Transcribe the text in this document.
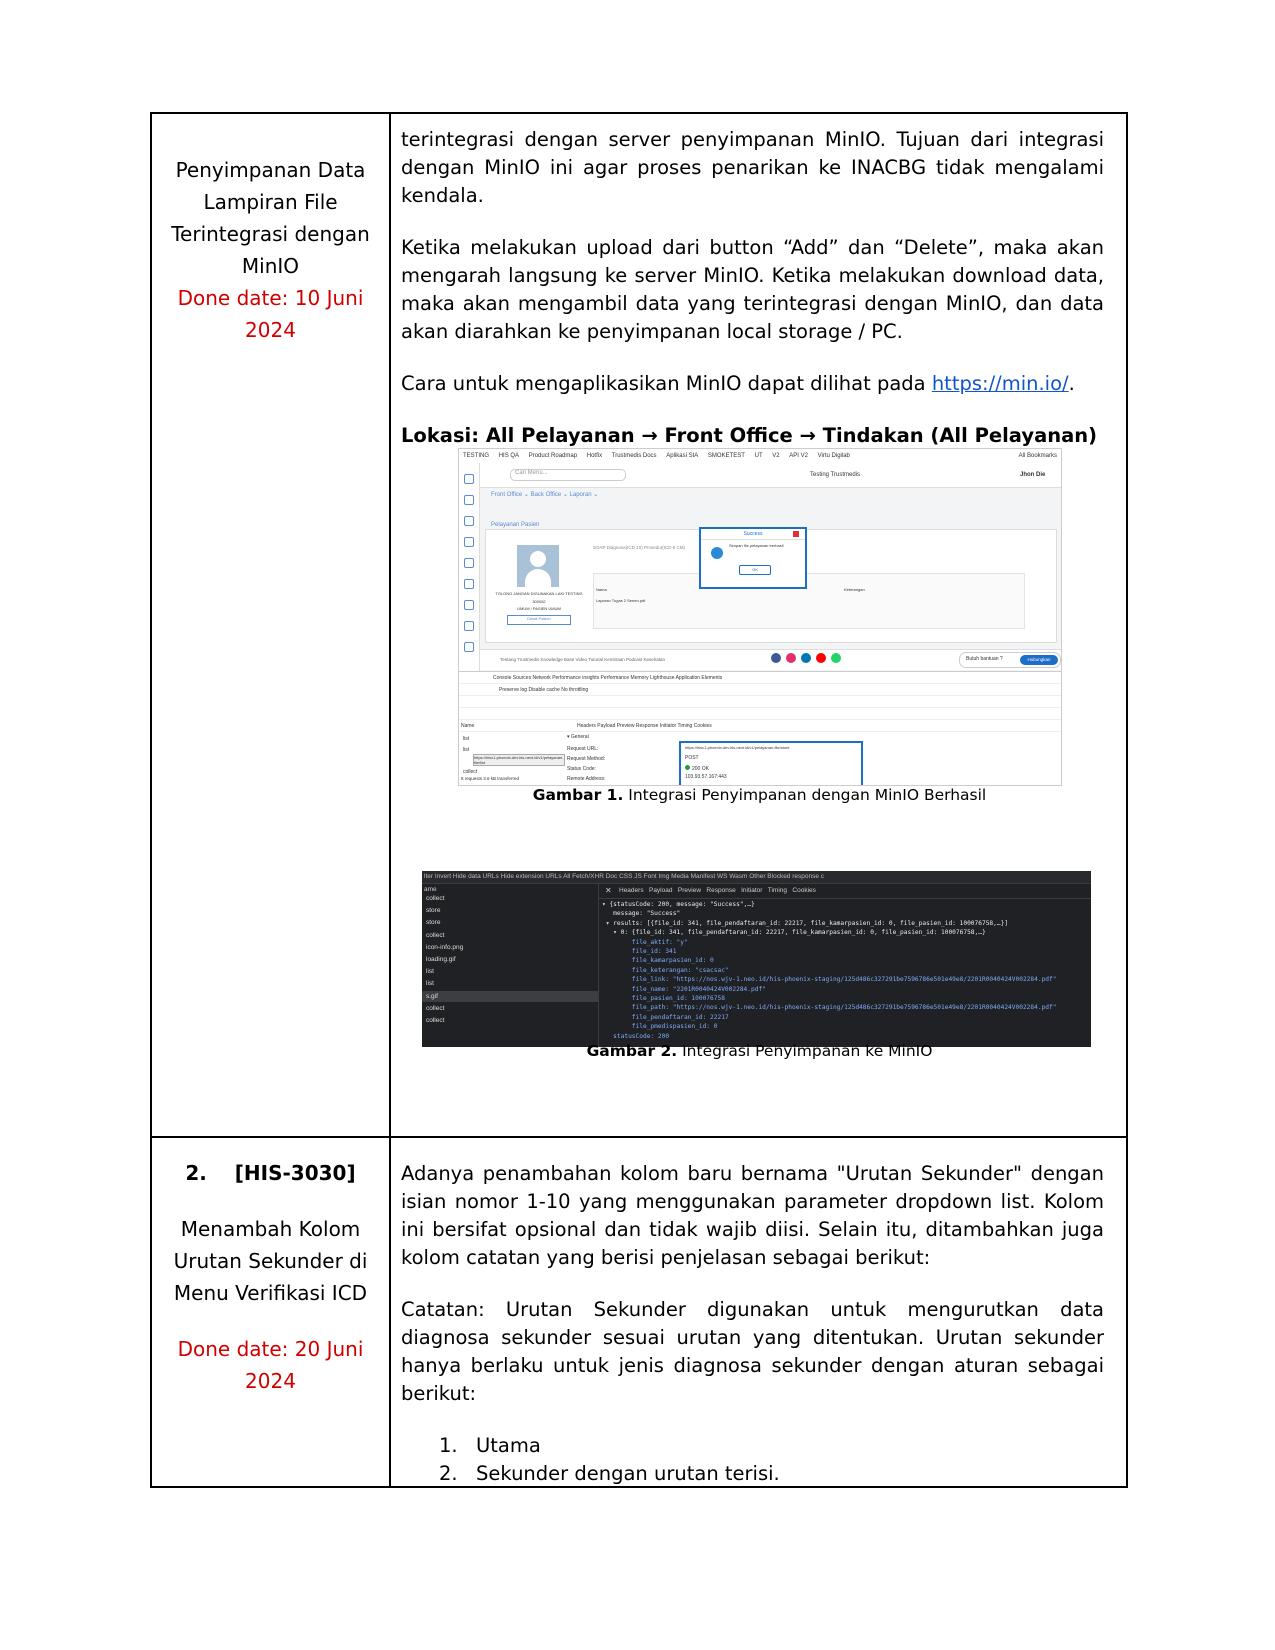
Penyimpanan Data
Lampiran File
Terintegrasi dengan
MinIO
Done date: 10 Juni
2024

terintegrasi dengan server penyimpanan MinIO. Tujuan dari integrasi dengan MinIO ini agar proses penarikan ke INACBG tidak mengalami kendala.

Ketika melakukan upload dari button “Add” dan “Delete”, maka akan mengarah langsung ke server MinIO. Ketika melakukan download data, maka akan mengambil data yang terintegrasi dengan MinIO, dan data akan diarahkan ke penyimpanan local storage / PC.

Cara untuk mengaplikasikan MinIO dapat dilihat pada https://min.io/.

Lokasi: All Pelayanan → Front Office → Tindakan (All Pelayanan)

TESTING HIS QA Product Roadmap Hotfix Trustmedis Docs Aplikasi SIA SMOKETEST UT V2 API V2 Virtu Digilab	All Bookmarks
Cari Menu...	Testing Trustmedis	Jhon Die
Front Office ⌄ Back Office ⌄ Laporan ⌄
Pelayanan Pasien
TOLONG JANGAN DIGUNAKAN LAKI TESTING
300052
UMUM / PASIEN UMUM
Detail Pasien
SOAP Diagnosa(ICD 10) Prosedur(ICD 9 CM)
Nama
Laporan Tugas 2 Senen.pdf
Keterangan
Success
Simpan file pelayanan berhasil
OK
Tentang Trustmedis Knowledge Base Video Tutorial Kemitraan Podcast Kesehatan	Butuh bantuan ?	Hubungkan
Console Sources Network Performance insights Performance Memory Lighthouse Application Elements
Preserve log Disable cache No throttling
Name	Headers Payload Preview Response Initiator Timing Cookies
list
list
collect
https://hisv1-phoenix.dev.his-next.id/v1/pelayanan-file/list
8 requests 3.6 kB transferred
▾ General
Request URL:
Request Method:
Status Code:
Remote Address:
https://hisv1-phoenix.dev.his-next.id/v1/pelayanan-file/store
POST
200 OK
103.93.57.167:443
Gambar 1. Integrasi Penyimpanan dengan MinIO Berhasil
lter Invert Hide data URLs Hide extension URLs All Fetch/XHR Doc CSS JS Font Img Media Manifest WS Wasm Other Blocked response c
ame
collect
store
store
collect
icon-info.png
loading.gif
list
list
s.gif
collect
collect
✕ Headers   Payload   Preview   Response   Initiator   Timing   Cookies
▾ {statusCode: 200, message: "Success",…}
message: "Success"
▾ results: [{file_id: 341, file_pendaftaran_id: 22217, file_kamarpasien_id: 0, file_pasien_id: 100076758,…}]
▾ 0: {file_id: 341, file_pendaftaran_id: 22217, file_kamarpasien_id: 0, file_pasien_id: 100076758,…}
file_aktif: "y"
file_id: 341
file_kamarpasien_id: 0
file_keterangan: "csacsac"
file_link: "https://nos.wjv-1.neo.id/his-phoenix-staging/125d486c327291be7596786e501e49e8/2201R0040424V002284.pdf"
file_name: "2201R0040424V002284.pdf"
file_pasien_id: 100076758
file_path: "https://nos.wjv-1.neo.id/his-phoenix-staging/125d486c327291be7596786e501e49e8/2201R0040424V002284.pdf"
file_pendaftaran_id: 22217
file_pmedispasien_id: 0
statusCode: 200
Gambar 2. Integrasi Penyimpanan ke MinIO
2. [HIS-3030]
Menambah Kolom
Urutan Sekunder di
Menu Verifikasi ICD
Done date: 20 Juni
2024

Adanya penambahan kolom baru bernama "Urutan Sekunder" dengan isian nomor 1-10 yang menggunakan parameter dropdown list. Kolom ini bersifat opsional dan tidak wajib diisi. Selain itu, ditambahkan juga kolom catatan yang berisi penjelasan sebagai berikut:

Catatan: Urutan Sekunder digunakan untuk mengurutkan data diagnosa sekunder sesuai urutan yang ditentukan. Urutan sekunder hanya berlaku untuk jenis diagnosa sekunder dengan aturan sebagai berikut:

1. Utama
2. Sekunder dengan urutan terisi.
